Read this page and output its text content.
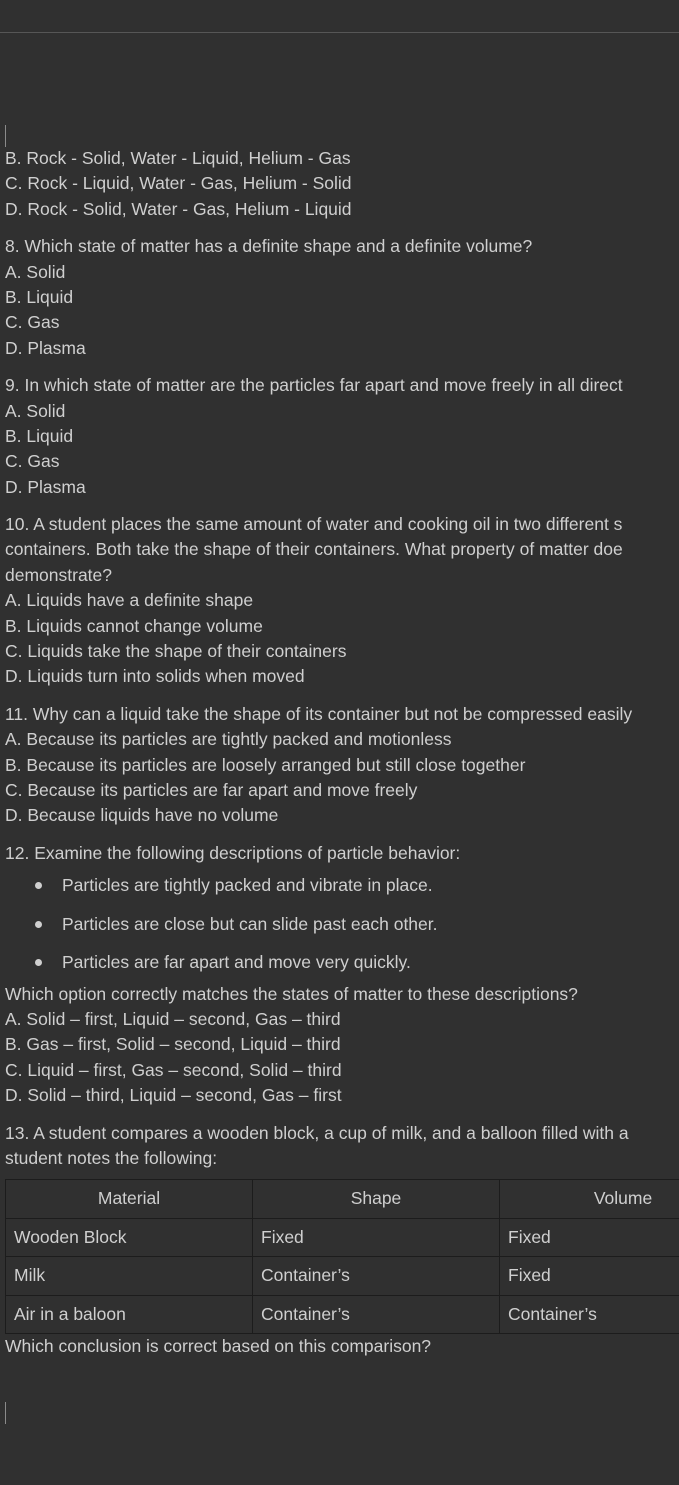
B. Rock - Solid, Water - Liquid, Helium - Gas
C. Rock - Liquid, Water - Gas, Helium - Solid
D. Rock - Solid, Water - Gas, Helium - Liquid
8. Which state of matter has a definite shape and a definite volume?
A. Solid
B. Liquid
C. Gas
D. Plasma
9. In which state of matter are the particles far apart and move freely in all direct
A. Solid
B. Liquid
C. Gas
D. Plasma
10. A student places the same amount of water and cooking oil in two different s
containers. Both take the shape of their containers. What property of matter doe
demonstrate?
A. Liquids have a definite shape
B. Liquids cannot change volume
C. Liquids take the shape of their containers
D. Liquids turn into solids when moved
11. Why can a liquid take the shape of its container but not be compressed easily
A. Because its particles are tightly packed and motionless
B. Because its particles are loosely arranged but still close together
C. Because its particles are far apart and move freely
D. Because liquids have no volume
12. Examine the following descriptions of particle behavior:
Particles are tightly packed and vibrate in place.
Particles are close but can slide past each other.
Particles are far apart and move very quickly.
Which option correctly matches the states of matter to these descriptions?
A. Solid – first, Liquid – second, Gas – third
B. Gas – first, Solid – second, Liquid – third
C. Liquid – first, Gas – second, Solid – third
D. Solid – third, Liquid – second, Gas – first
13. A student compares a wooden block, a cup of milk, and a balloon filled with a
student notes the following:
Material	Shape	Volume
Wooden Block	Fixed	Fixed
Milk	Container’s	Fixed
Air in a baloon	Container’s	Container’s
Which conclusion is correct based on this comparison?
